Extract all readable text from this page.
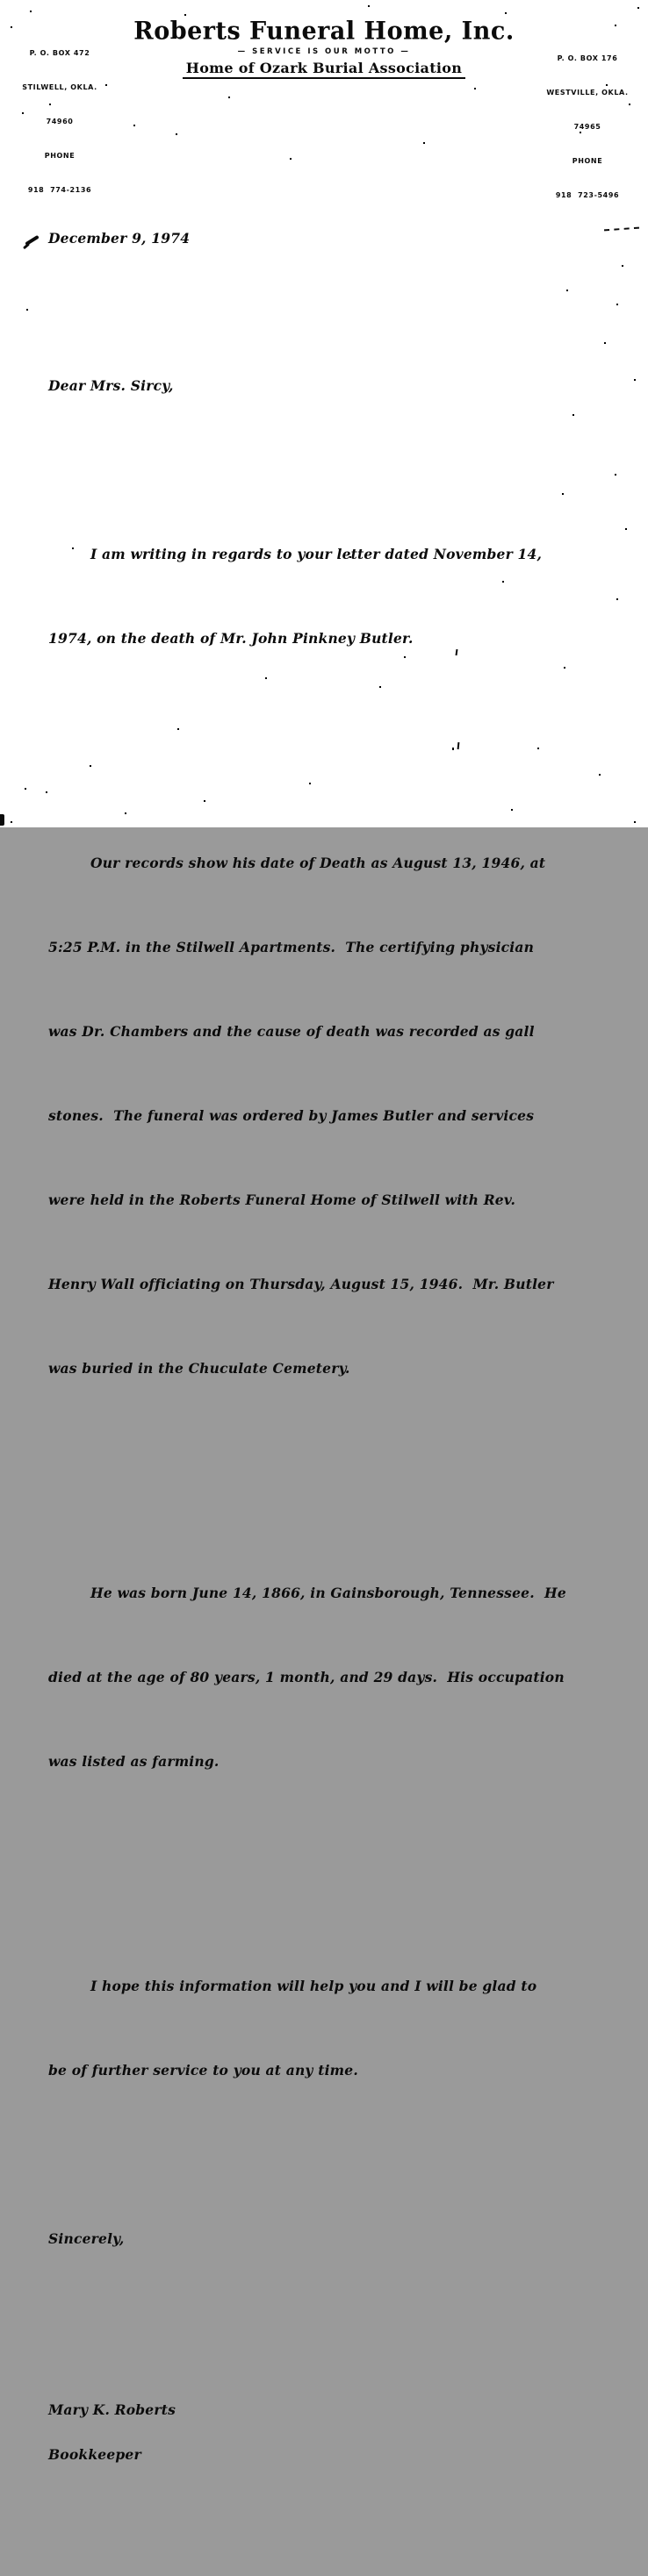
P. O. BOX 472

STILWELL, OKLA.

74960

PHONE

918  774-2136

Roberts Funeral Home, Inc.
— SERVICE IS OUR MOTTO —
Home of Ozark Burial Association

P. O. BOX 176

WESTVILLE, OKLA.

74965

PHONE

918  723-5496

December 9, 1974

Dear Mrs. Sircy,

I am writing in regards to your letter dated November 14,

1974, on the death of Mr. John Pinkney Butler.

Our records show his date of Death as August 13, 1946, at

5:25 P.M. in the Stilwell Apartments.  The certifying physician

was Dr. Chambers and the cause of death was recorded as gall

stones.  The funeral was ordered by James Butler and services

were held in the Roberts Funeral Home of Stilwell with Rev.

Henry Wall officiating on Thursday, August 15, 1946.  Mr. Butler

was buried in the Chuculate Cemetery.

He was born June 14, 1866, in Gainsborough, Tennessee.  He

died at the age of 80 years, 1 month, and 29 days.  His occupation

was listed as farming.

I hope this information will help you and I will be glad to

be of further service to you at any time.

Sincerely,

Mary K. Roberts

Bookkeeper
